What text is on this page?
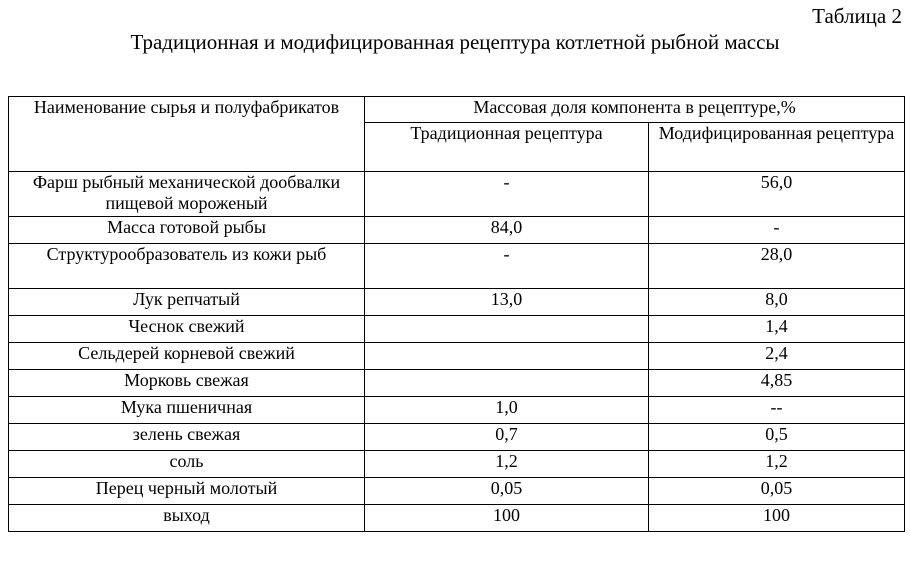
Таблица 2
Традиционная и модифицированная рецептура котлетной рыбной массы
Наименование сырья и полуфабрикатов	Массовая доля компонента в рецептуре,%	
	Традиционная рецептура	Модифицированная рецептура
Фарш рыбный механической дообвалки пищевой мороженый	-	56,0
Масса готовой рыбы	84,0	-
Структурообразователь из кожи рыб	-	28,0
Лук репчатый	13,0	8,0
Чеснок свежий		1,4
Сельдерей корневой свежий		2,4
Морковь свежая		4,85
Мука пшеничная	1,0	--
зелень свежая	0,7	0,5
соль	1,2	1,2
Перец черный молотый	0,05	0,05
выход	100	100
